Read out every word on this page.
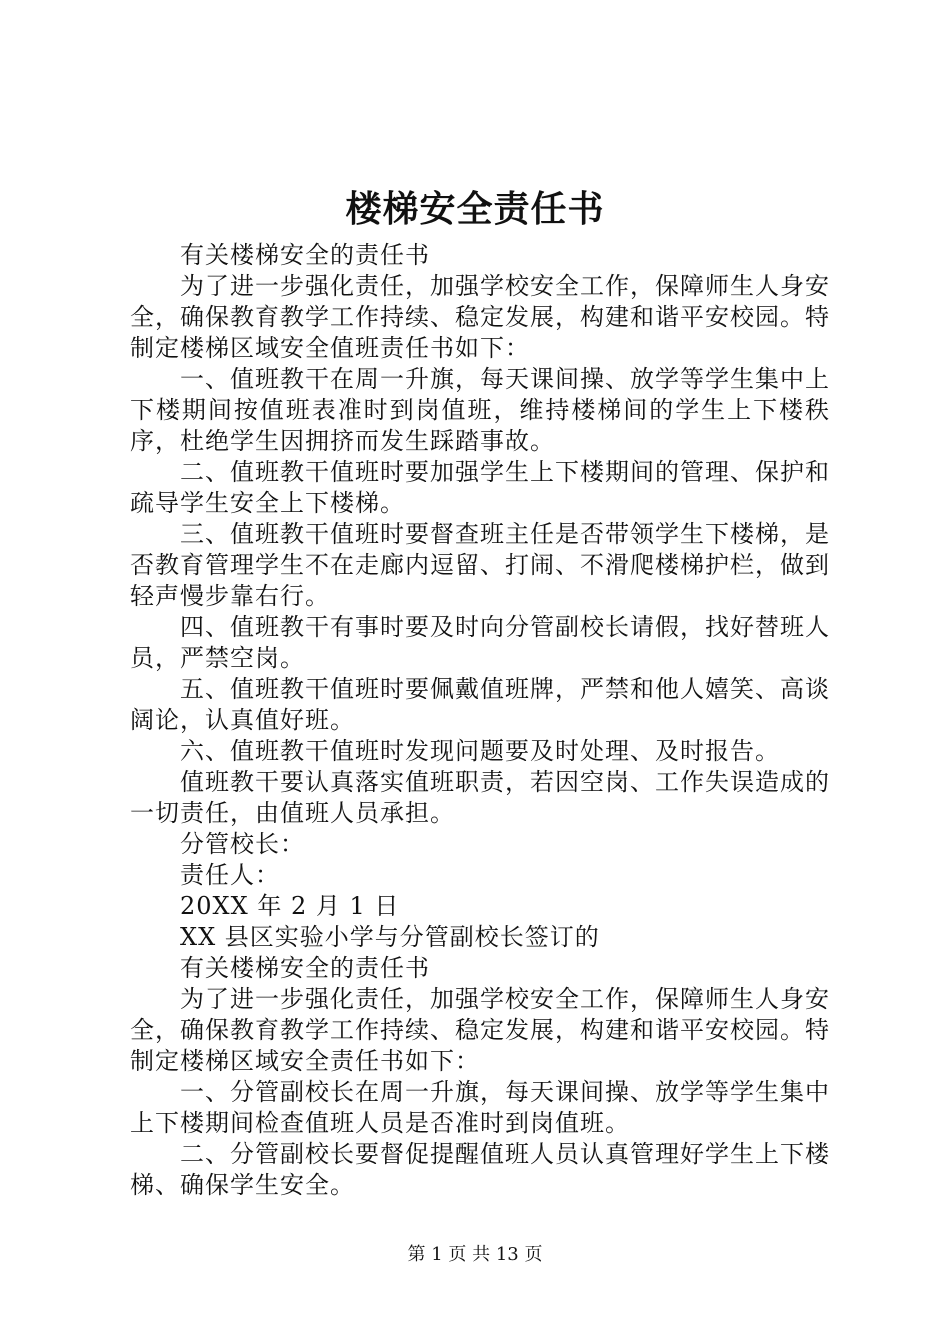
楼梯安全责任书

有关楼梯安全的责任书

为了进一步强化责任，加强学校安全工作，保障师生人身安全，确保教育教学工作持续、稳定发展，构建和谐平安校园。特制定楼梯区域安全值班责任书如下：

一、值班教干在周一升旗，每天课间操、放学等学生集中上下楼期间按值班表准时到岗值班，维持楼梯间的学生上下楼秩序，杜绝学生因拥挤而发生踩踏事故。

二、值班教干值班时要加强学生上下楼期间的管理、保护和疏导学生安全上下楼梯。

三、值班教干值班时要督查班主任是否带领学生下楼梯，是否教育管理学生不在走廊内逗留、打闹、不滑爬楼梯护栏，做到轻声慢步靠右行。

四、值班教干有事时要及时向分管副校长请假，找好替班人员，严禁空岗。

五、值班教干值班时要佩戴值班牌，严禁和他人嬉笑、高谈阔论，认真值好班。

六、值班教干值班时发现问题要及时处理、及时报告。

值班教干要认真落实值班职责，若因空岗、工作失误造成的一切责任，由值班人员承担。

分管校长：

责任人：

20XX 年 2 月 1 日

XX 县区实验小学与分管副校长签订的

有关楼梯安全的责任书

为了进一步强化责任，加强学校安全工作，保障师生人身安全，确保教育教学工作持续、稳定发展，构建和谐平安校园。特制定楼梯区域安全责任书如下：

一、分管副校长在周一升旗，每天课间操、放学等学生集中上下楼期间检查值班人员是否准时到岗值班。

二、分管副校长要督促提醒值班人员认真管理好学生上下楼梯、确保学生安全。

第 1 页 共 13 页
